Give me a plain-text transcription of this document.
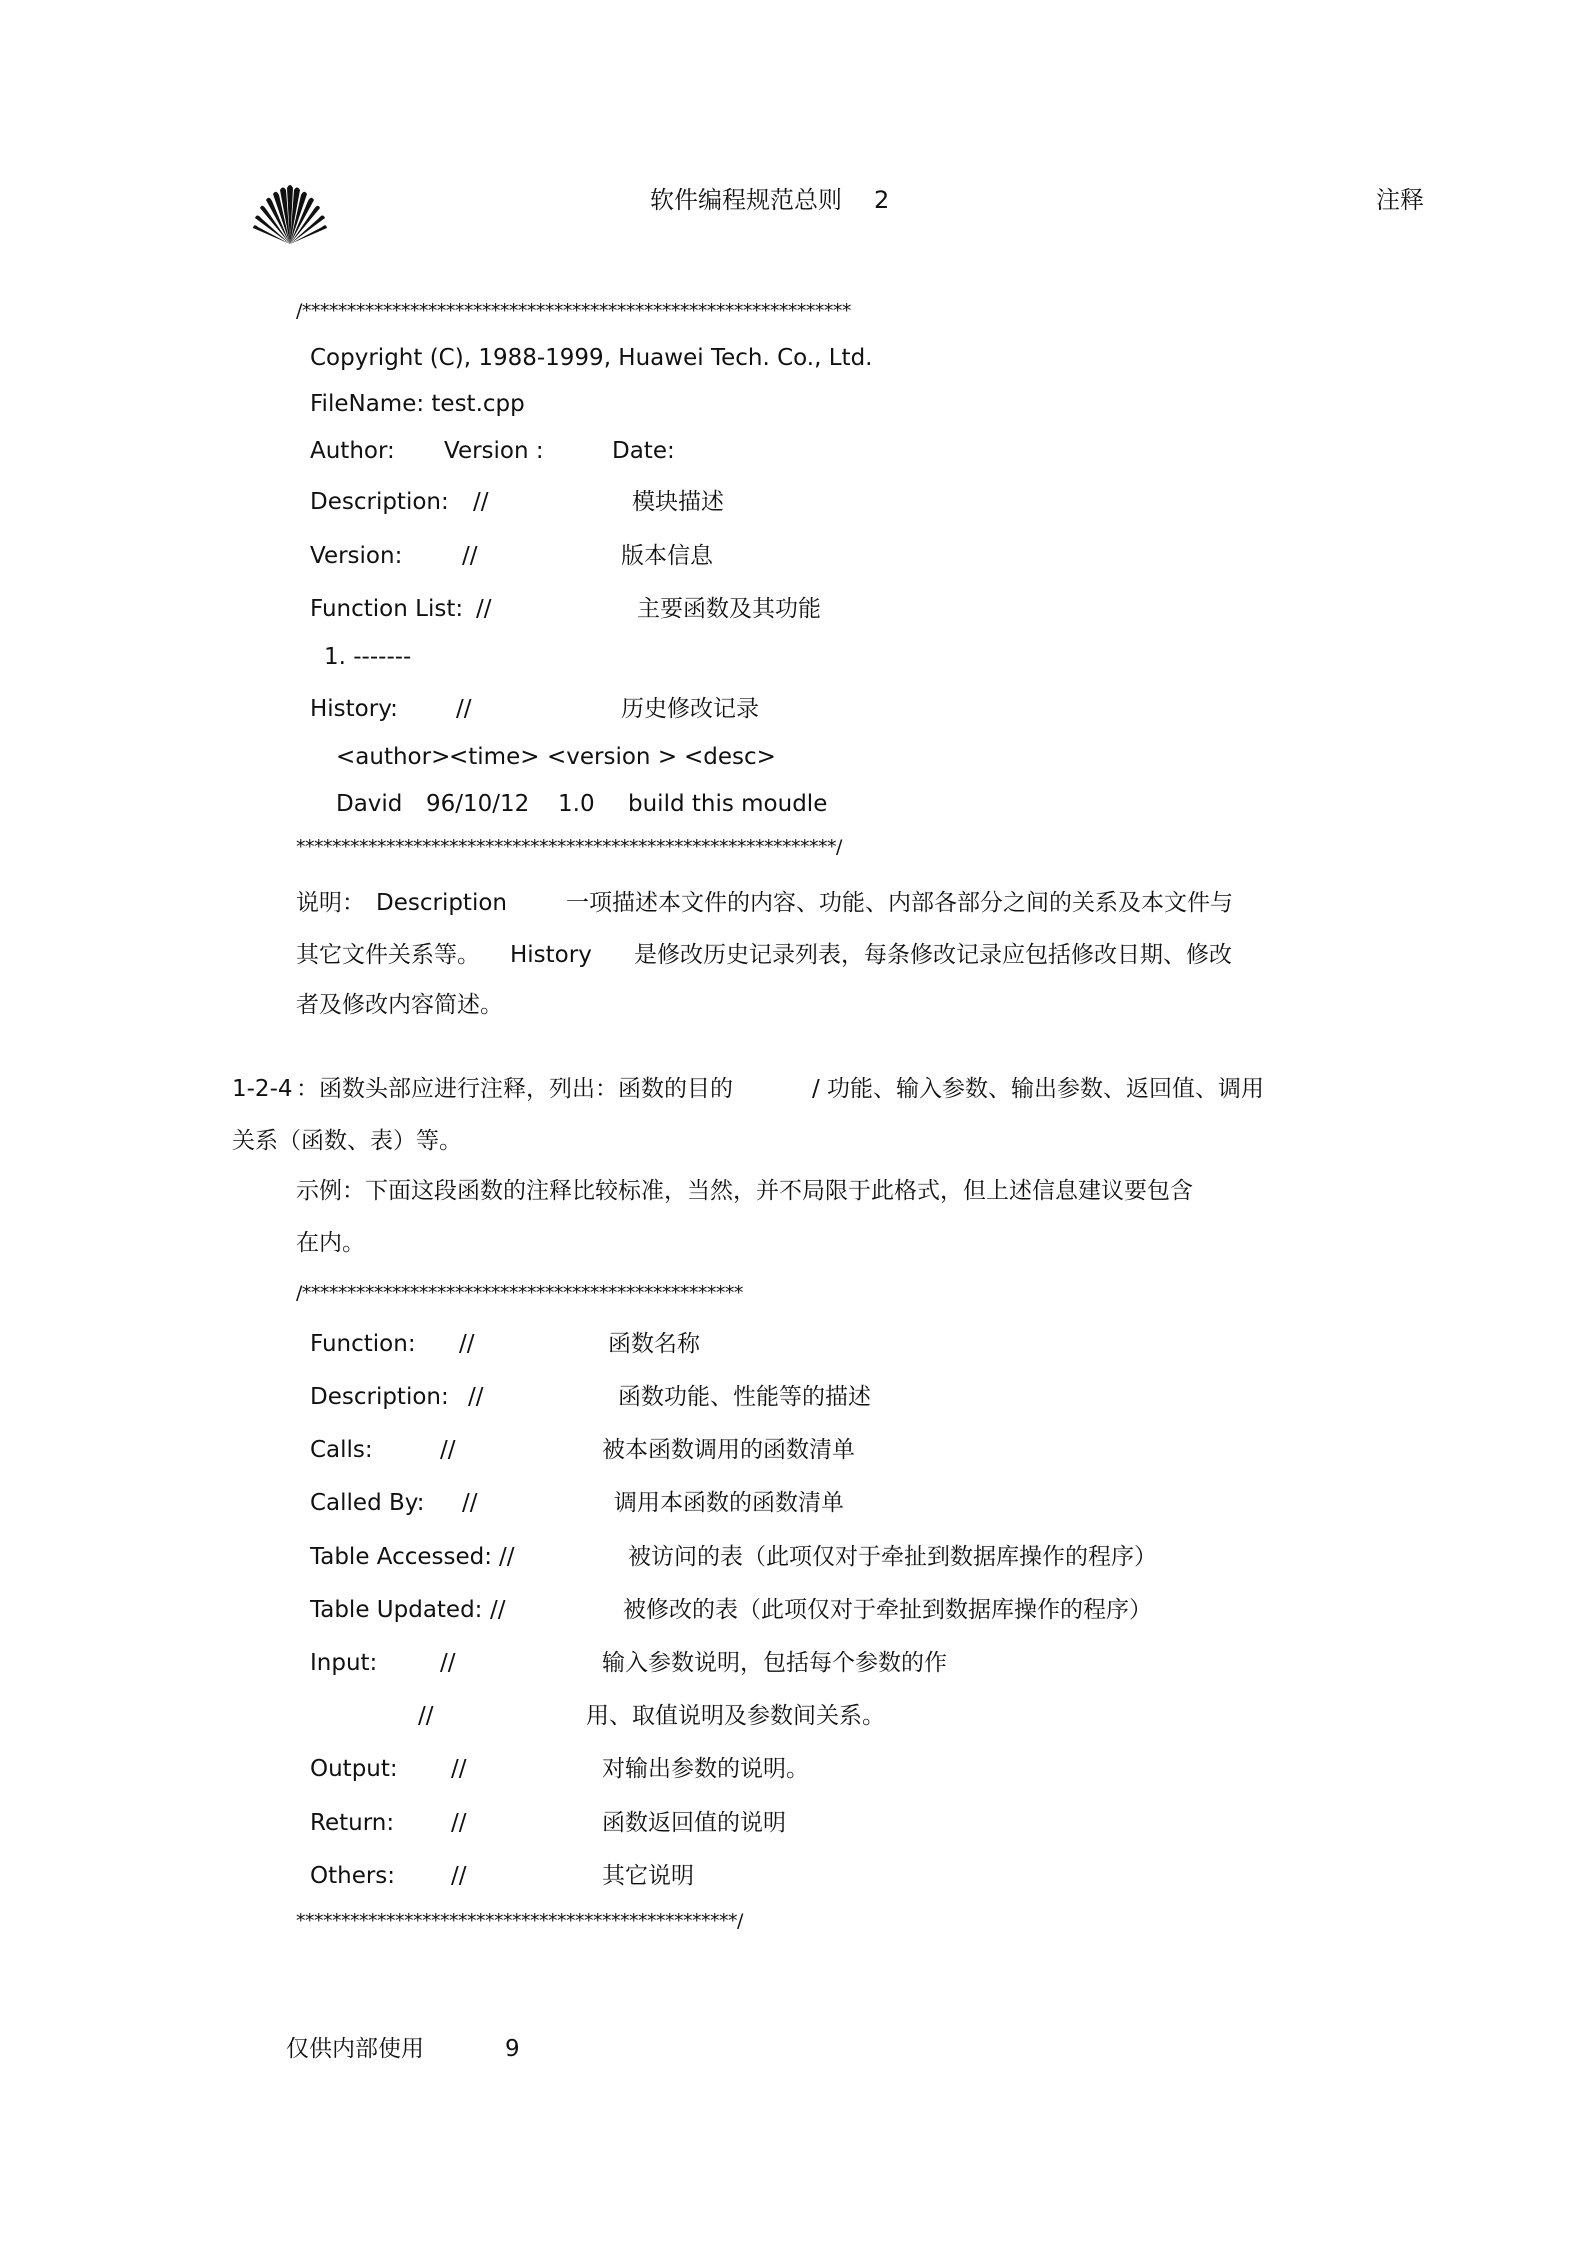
软件编程规范总则 2	注释
/*************************************************************
Copyright (C), 1988-1999, Huawei Tech. Co., Ltd.
FileName: test.cpp
Author: Version :	Date:
Description: //	模块描述
Version:	//	版本信息
Function List: //	主要函数及其功能
1. -------
History:	//	历史修改记录
<author>
<time> <version > <desc>
David 96/10/12 1.0 build this moudle
************************************************************/
说明： Description	一项描述本文件的内容、功能、内部各部分之间的关系及本文件与
其它文件关系等。 History 是修改历史记录列表，每条修改记录应包括修改日期、修改
者及修改内容简述。
1-2-4 ：函数头部应进行注释，列出：函数的目的	/ 功能、输入参数、输出参数、返回值、调用
关系（函数、表）等。
示例：下面这段函数的注释比较标准，当然，并不局限于此格式，但上述信息建议要包含
在内。
/*************************************************
Function: //	函数名称
Description: //	函数功能、性能等的描述
Calls:	//	被本函数调用的函数清单
Called By: //	调用本函数的函数清单
Table Accessed: //	被访问的表（此项仅对于牵扯到数据库操作的程序）
Table Updated: //	被修改的表（此项仅对于牵扯到数据库操作的程序）
Input:	//	输入参数说明，包括每个参数的作
//	用、取值说明及参数间关系。
Output: //	对输出参数的说明。
Return: //	函数返回值的说明
Others: //	其它说明
*************************************************/
仅供内部使用	9
